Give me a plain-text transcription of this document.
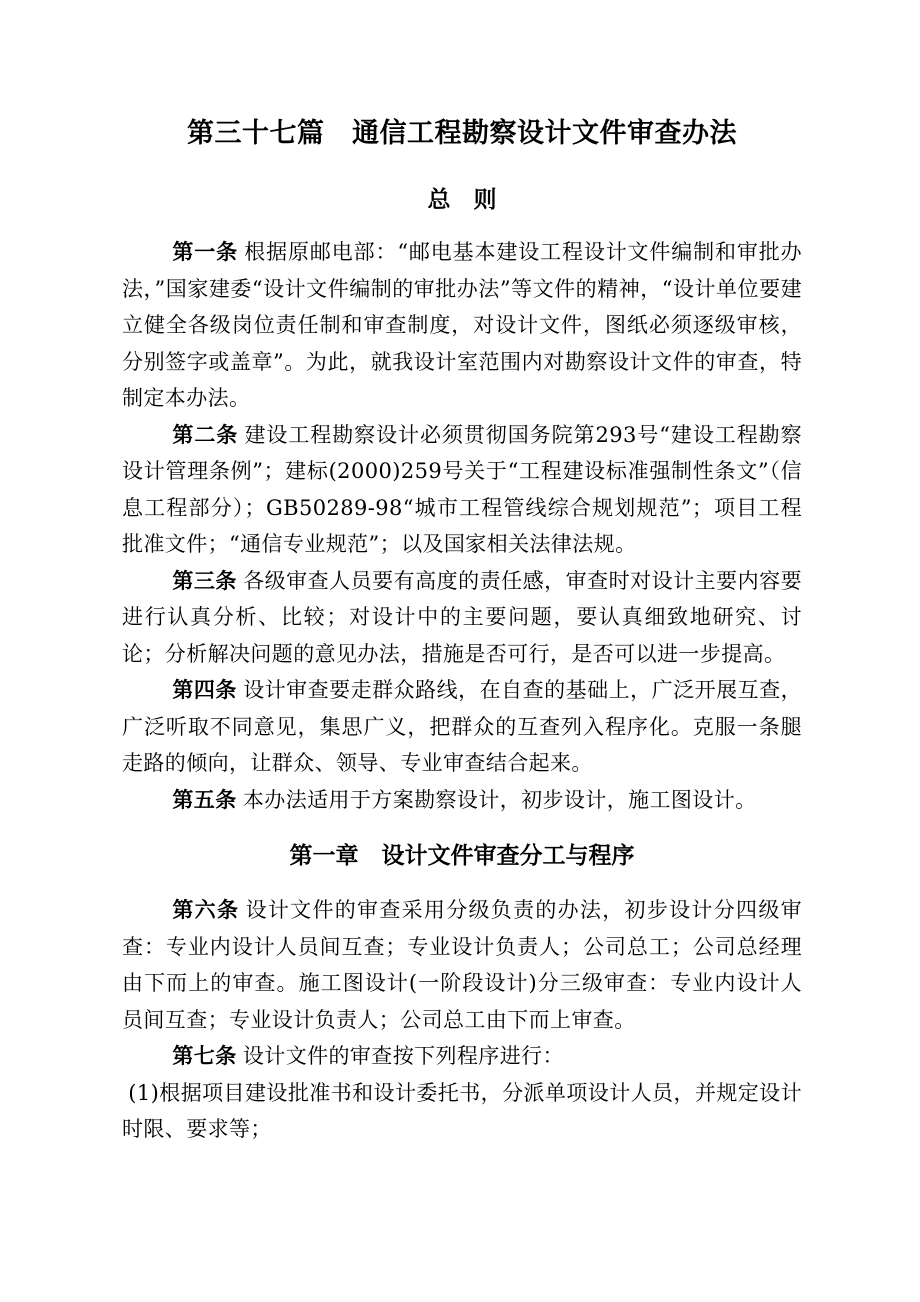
第三十七篇　通信工程勘察设计文件审查办法
总　则

第一条 根据原邮电部：“邮电基本建设工程设计文件编制和审批办法，”国家建委“设计文件编制的审批办法”等文件的精神，“设计单位要建立健全各级岗位责任制和审查制度，对设计文件，图纸必须逐级审核，分别签字或盖章”。为此，就我设计室范围内对勘察设计文件的审查，特制定本办法。

第二条 建设工程勘察设计必须贯彻国务院第293号“建设工程勘察设计管理条例”；建标(2000)259号关于“工程建设标准强制性条文”（信息工程部分）；GB50289-98“城市工程管线综合规划规范”；项目工程批准文件；“通信专业规范”；以及国家相关法律法规。

第三条 各级审查人员要有高度的责任感，审查时对设计主要内容要进行认真分析、比较；对设计中的主要问题，要认真细致地研究、讨论；分析解决问题的意见办法，措施是否可行，是否可以进一步提高。

第四条 设计审查要走群众路线，在自查的基础上，广泛开展互查，广泛听取不同意见，集思广义，把群众的互查列入程序化。克服一条腿走路的倾向，让群众、领导、专业审查结合起来。

第五条 本办法适用于方案勘察设计，初步设计，施工图设计。

第一章　设计文件审查分工与程序

第六条 设计文件的审查采用分级负责的办法，初步设计分四级审查：专业内设计人员间互查；专业设计负责人；公司总工；公司总经理由下而上的审查。施工图设计(一阶段设计)分三级审查：专业内设计人员间互查；专业设计负责人；公司总工由下而上审查。

第七条 设计文件的审查按下列程序进行：

(1)根据项目建设批准书和设计委托书，分派单项设计人员，并规定设计时限、要求等；
